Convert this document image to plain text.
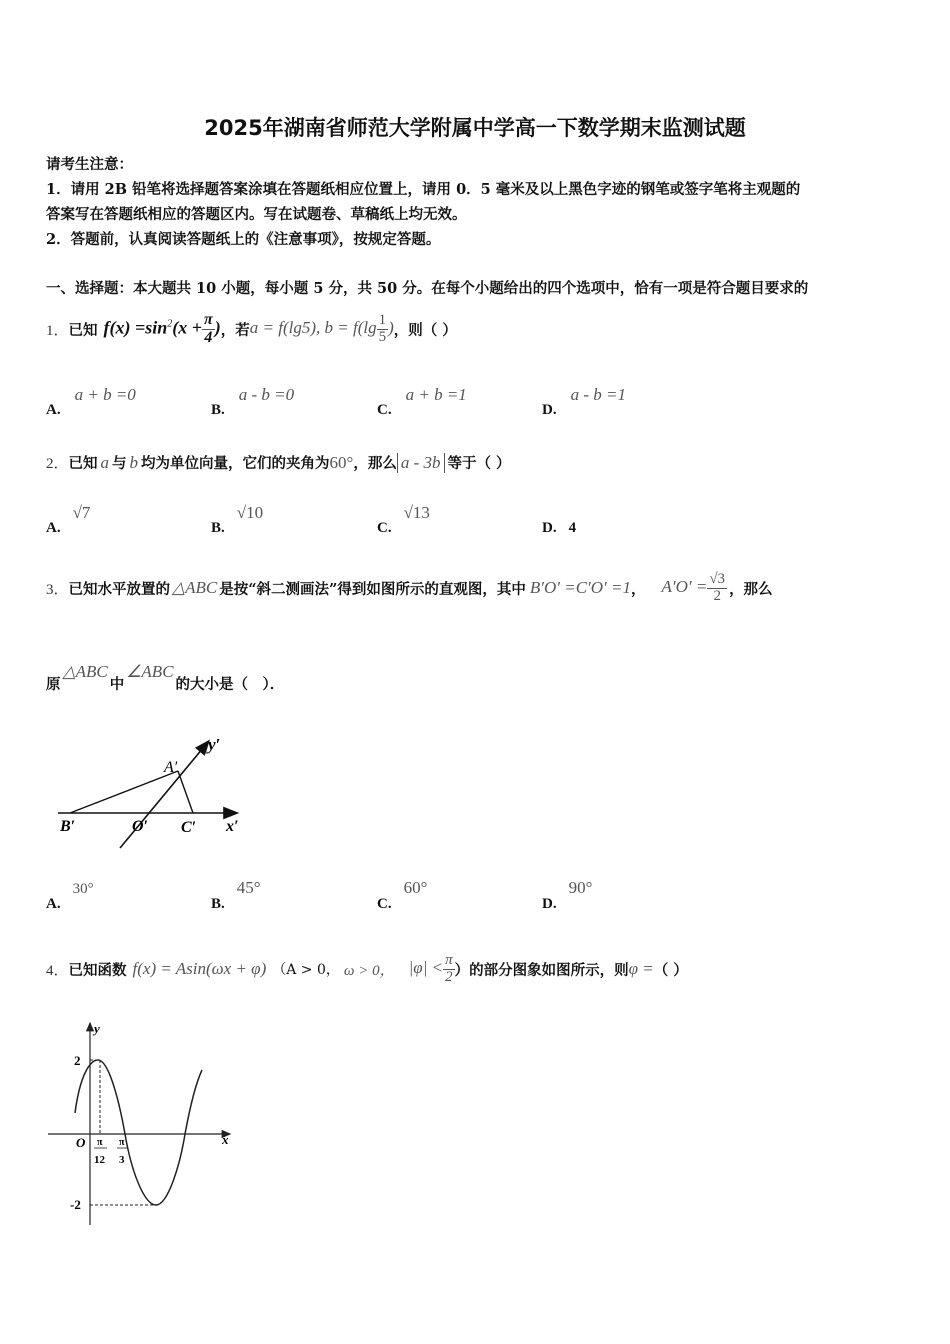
2025年湖南省师范大学附属中学高一下数学期末监测试题
请考生注意：
1．请用 2B 铅笔将选择题答案涂填在答题纸相应位置上，请用 0．5 毫米及以上黑色字迹的钢笔或签字笔将主观题的
答案写在答题纸相应的答题区内。写在试题卷、草稿纸上均无效。
2．答题前，认真阅读答题纸上的《注意事项》，按规定答题。
一、选择题：本大题共 10 小题，每小题 5 分，共 50 分。在每个小题给出的四个选项中，恰有一项是符合题目要求的
1． 已知 $f(x) =\sin^2(x + \frac{\pi}{4}$ ) ，若 a = f(lg5), $b = f(\lg \frac{1}{5}$ ) ，则（ ）
A.a + b =0
B.a - b =0
C.a + b =1
D.a - b =1
2． 已知 a 与 b 均为单位向量，它们的夹角为 60° ，那么 a - 3b 等于（ ）
A.√7
B.√10
C.√13
D. 4
3． 已知水平放置的 △ABC 是按“斜二测画法”得到如图所示的直观图，其中 B′O′ =C′O′ =1 ， $A'O' = \frac{√3}{2}$ ，那么
原
△ABC
中
∠ABC
的大小是（　）．
y′
A′
B′	O′ C′ x′
A.30°
B.45°
C.60°
D.90°
4． 已知函数 f(x) = Asin(ωx + φ) （A > 0， ω > 0， $|\varphi| < \frac{\pi}{2}$ ）的部分图象如图所示，则 φ = （ ）
y
x
O
2
-2
π
12
π
3
